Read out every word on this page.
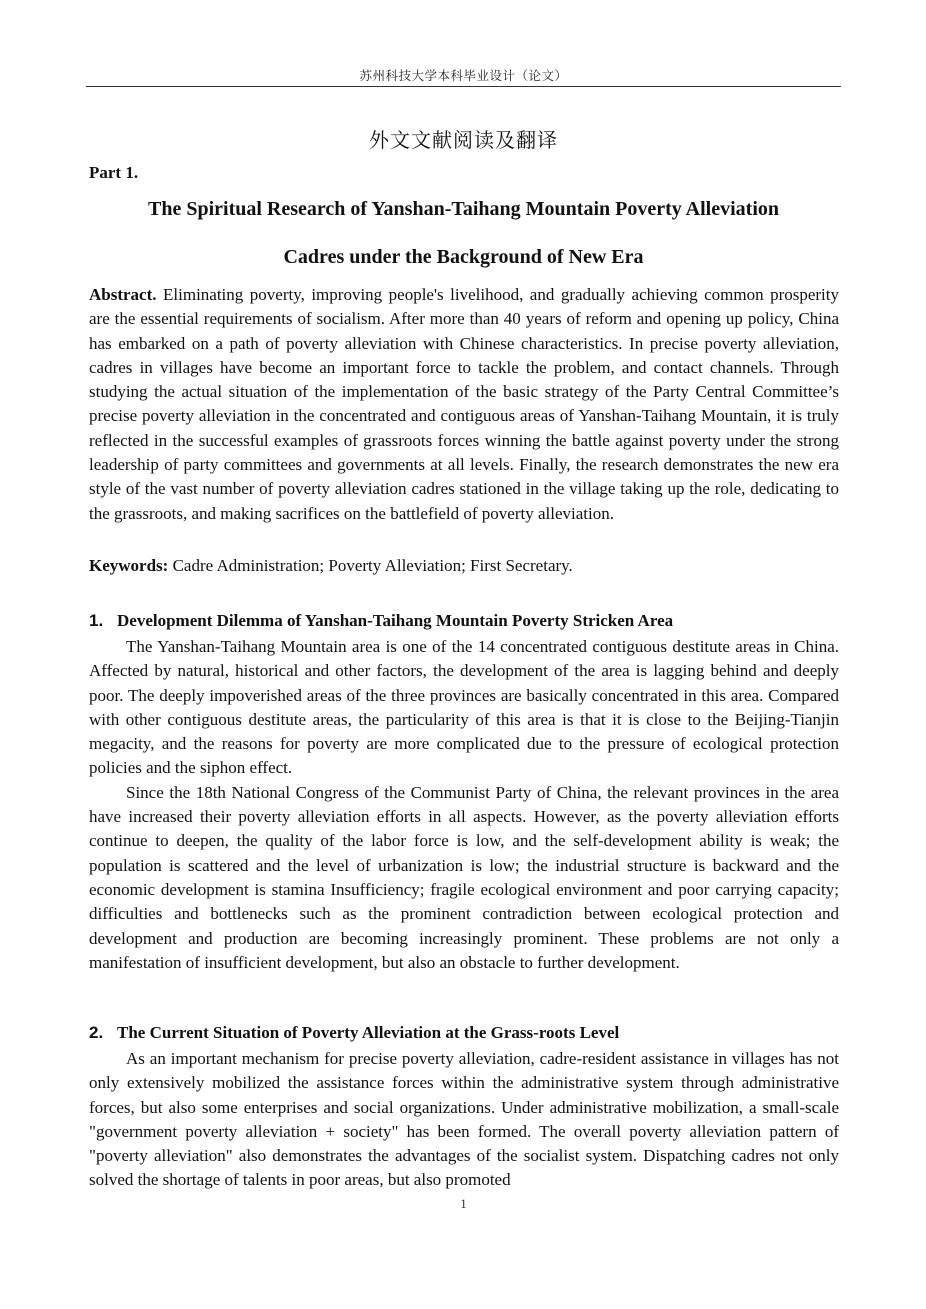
苏州科技大学本科毕业设计（论文）
外文文献阅读及翻译
Part 1.
The Spiritual Research of Yanshan-Taihang Mountain Poverty Alleviation
Cadres under the Background of New Era
Abstract. Eliminating poverty, improving people's livelihood, and gradually achieving common prosperity are the essential requirements of socialism. After more than 40 years of reform and opening up policy, China has embarked on a path of poverty alleviation with Chinese characteristics. In precise poverty alleviation, cadres in villages have become an important force to tackle the problem, and contact channels. Through studying the actual situation of the implementation of the basic strategy of the Party Central Committee’s precise poverty alleviation in the concentrated and contiguous areas of Yanshan-Taihang Mountain, it is truly reflected in the successful examples of grassroots forces winning the battle against poverty under the strong leadership of party committees and governments at all levels. Finally, the research demonstrates the new era style of the vast number of poverty alleviation cadres stationed in the village taking up the role, dedicating to the grassroots, and making sacrifices on the battlefield of poverty alleviation.
Keywords: Cadre Administration; Poverty Alleviation; First Secretary.
1. Development Dilemma of Yanshan-Taihang Mountain Poverty Stricken Area

The Yanshan-Taihang Mountain area is one of the 14 concentrated contiguous destitute areas in China. Affected by natural, historical and other factors, the development of the area is lagging behind and deeply poor. The deeply impoverished areas of the three provinces are basically concentrated in this area. Compared with other contiguous destitute areas, the particularity of this area is that it is close to the Beijing-Tianjin megacity, and the reasons for poverty are more complicated due to the pressure of ecological protection policies and the siphon effect.

Since the 18th National Congress of the Communist Party of China, the relevant provinces in the area have increased their poverty alleviation efforts in all aspects. However, as the poverty alleviation efforts continue to deepen, the quality of the labor force is low, and the self-development ability is weak; the population is scattered and the level of urbanization is low; the industrial structure is backward and the economic development is stamina Insufficiency; fragile ecological environment and poor carrying capacity; difficulties and bottlenecks such as the prominent contradiction between ecological protection and development and production are becoming increasingly prominent. These problems are not only a manifestation of insufficient development, but also an obstacle to further development.

2. The Current Situation of Poverty Alleviation at the Grass-roots Level

As an important mechanism for precise poverty alleviation, cadre-resident assistance in villages has not only extensively mobilized the assistance forces within the administrative system through administrative forces, but also some enterprises and social organizations. Under administrative mobilization, a small-scale "government poverty alleviation + society" has been formed. The overall poverty alleviation pattern of "poverty alleviation" also demonstrates the advantages of the socialist system. Dispatching cadres not only solved the shortage of talents in poor areas, but also promoted

1
